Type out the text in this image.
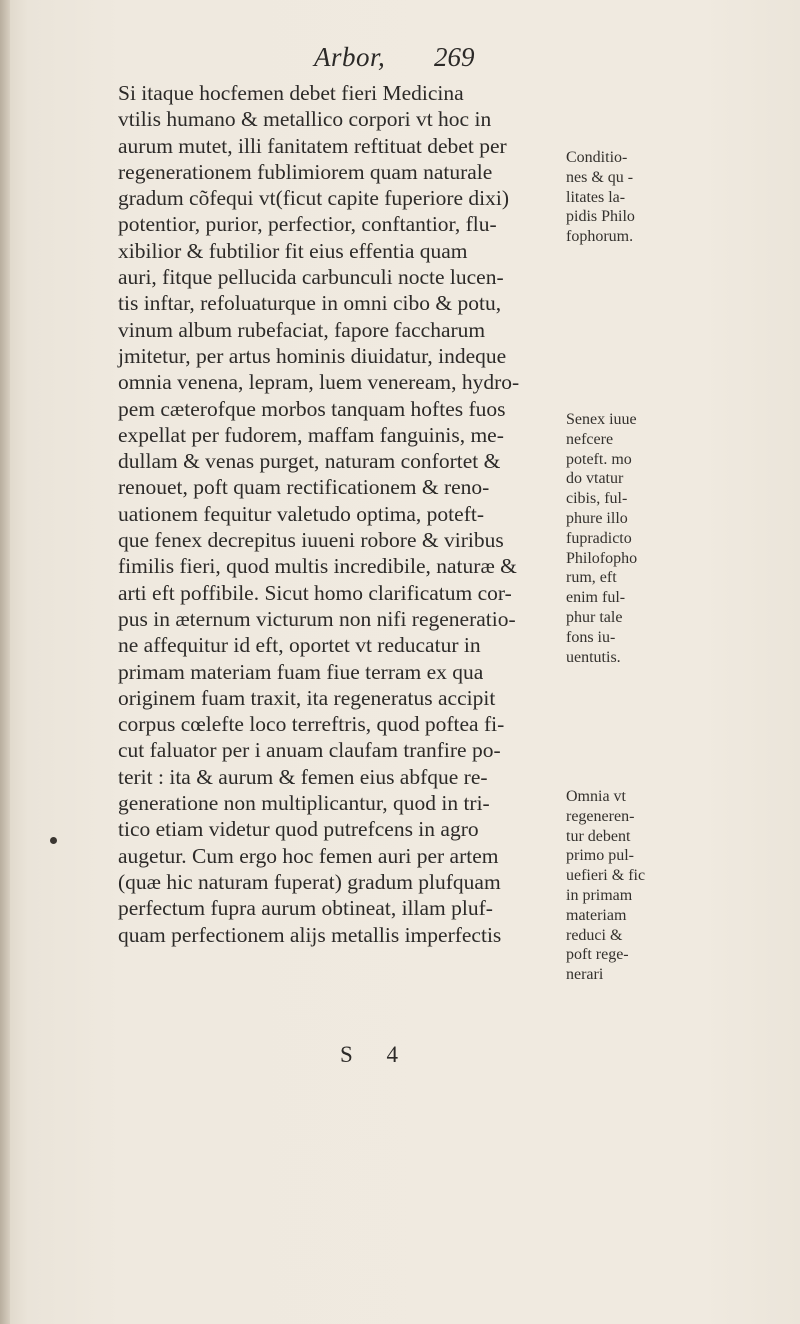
Arbor, 269
Si itaque hocfemen debet fieri Medicina
vtilis humano & metallico corpori vt hoc in
aurum mutet, illi fanitatem reftituat debet per
regenerationem fublimiorem quam naturale
gradum cõfequi vt(ficut capite fuperiore dixi)
potentior, purior, perfectior, conftantior, flu-
xibilior & fubtilior fit eius effentia quam
auri, fitque pellucida carbunculi nocte lucen-
tis inftar, refoluaturque in omni cibo & potu,
vinum album rubefaciat, fapore faccharum
jmitetur, per artus hominis diuidatur, indeque
omnia venena, lepram, luem veneream, hydro-
pem cæterofque morbos tanquam hoftes fuos
expellat per fudorem, maffam fanguinis, me-
dullam & venas purget, naturam confortet &
renouet, poft quam rectificationem & reno-
uationem fequitur valetudo optima, poteft-
que fenex decrepitus iuueni robore & viribus
fimilis fieri, quod multis incredibile, naturæ &
arti eft poffibile. Sicut homo clarificatum cor-
pus in æternum victurum non nifi regeneratio-
ne affequitur id eft, oportet vt reducatur in
primam materiam fuam fiue terram ex qua
originem fuam traxit, ita regeneratus accipit
corpus cœlefte loco terreftris, quod poftea fi-
cut faluator per i anuam claufam tranfire po-
terit : ita & aurum & femen eius abfque re-
generatione non multiplicantur, quod in tri-
tico etiam videtur quod putrefcens in agro
augetur. Cum ergo hoc femen auri per artem
(quæ hic naturam fuperat) gradum plufquam
perfectum fupra aurum obtineat, illam pluf-
quam perfectionem alijs metallis imperfectis
Conditio-
nes & qu -
litates la-
pidis Philo
fophorum.
Senex iuue
nefcere
poteft. mo
do vtatur
cibis, ful-
phure illo
fupradicto
Philofopho
rum, eft
enim ful-
phur tale
fons iu-
uentutis.
Omnia vt
regeneren-
tur debent
primo pul-
uefieri & fic
in primam
materiam
reduci &
poft rege-
nerari
S 4
